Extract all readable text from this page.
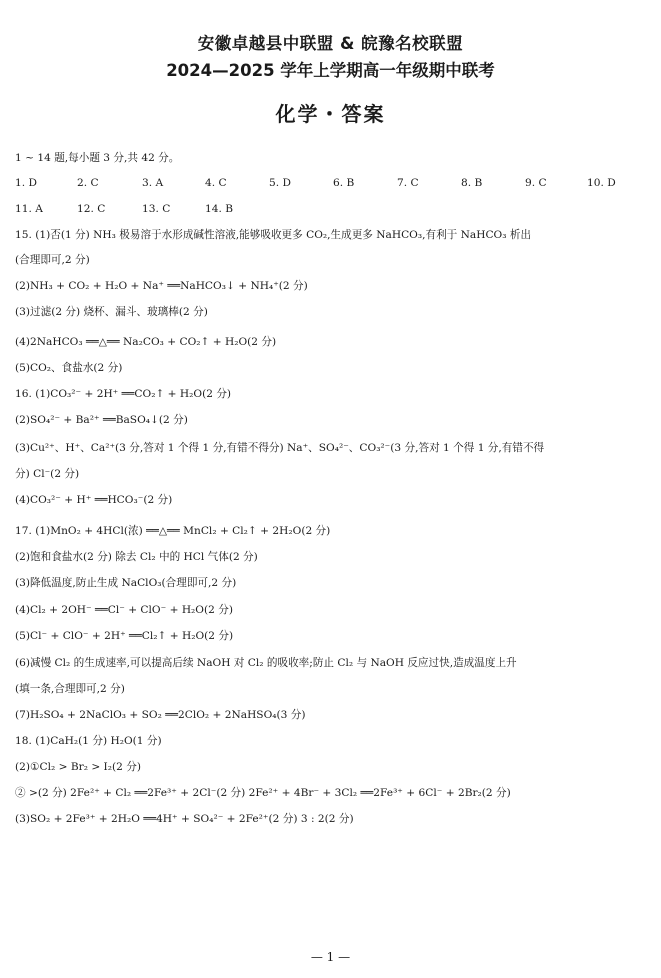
安徽卓越县中联盟 & 皖豫名校联盟
2024—2025 学年上学期高一年级期中联考
化学・答案
1 ~ 14 题,每小题 3 分,共 42 分。
1. D	2. C	3. A	4. C	5. D	6. B	7. C	8. B	9. C	10. D
11. A	12. C	13. C	14. B
15. (1)否(1 分) NH₃ 极易溶于水形成碱性溶液,能够吸收更多 CO₂,生成更多 NaHCO₃,有利于 NaHCO₃ 析出
(合理即可,2 分)
(2)NH₃ + CO₂ + H₂O + Na⁺ ══NaHCO₃↓ + NH₄⁺(2 分)
(3)过滤(2 分) 烧杯、漏斗、玻璃棒(2 分)
(4)2NaHCO₃ ══△══ Na₂CO₃ + CO₂↑ + H₂O(2 分)
(5)CO₂、食盐水(2 分)
16. (1)CO₃²⁻ + 2H⁺ ══CO₂↑ + H₂O(2 分)
(2)SO₄²⁻ + Ba²⁺ ══BaSO₄↓(2 分)
(3)Cu²⁺、H⁺、Ca²⁺(3 分,答对 1 个得 1 分,有错不得分) Na⁺、SO₄²⁻、CO₃²⁻(3 分,答对 1 个得 1 分,有错不得
分) Cl⁻(2 分)
(4)CO₃²⁻ + H⁺ ══HCO₃⁻(2 分)
17. (1)MnO₂ + 4HCl(浓) ══△══ MnCl₂ + Cl₂↑ + 2H₂O(2 分)
(2)饱和食盐水(2 分) 除去 Cl₂ 中的 HCl 气体(2 分)
(3)降低温度,防止生成 NaClO₃(合理即可,2 分)
(4)Cl₂ + 2OH⁻ ══Cl⁻ + ClO⁻ + H₂O(2 分)
(5)Cl⁻ + ClO⁻ + 2H⁺ ══Cl₂↑ + H₂O(2 分)
(6)减慢 Cl₂ 的生成速率,可以提高后续 NaOH 对 Cl₂ 的吸收率;防止 Cl₂ 与 NaOH 反应过快,造成温度上升
(填一条,合理即可,2 分)
(7)H₂SO₄ + 2NaClO₃ + SO₂ ══2ClO₂ + 2NaHSO₄(3 分)
18. (1)CaH₂(1 分) H₂O(1 分)
(2)①Cl₂ > Br₂ > I₂(2 分)
② >(2 分) 2Fe²⁺ + Cl₂ ══2Fe³⁺ + 2Cl⁻(2 分) 2Fe²⁺ + 4Br⁻ + 3Cl₂ ══2Fe³⁺ + 6Cl⁻ + 2Br₂(2 分)
(3)SO₂ + 2Fe³⁺ + 2H₂O ══4H⁺ + SO₄²⁻ + 2Fe²⁺(2 分) 3 : 2(2 分)
— 1 —
